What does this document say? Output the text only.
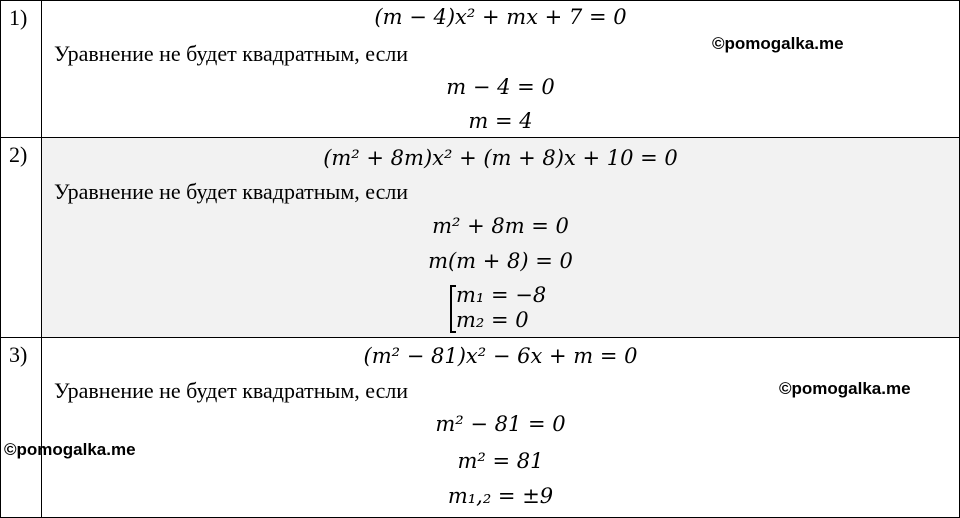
1)	(m − 4)x² + mx + 7 = 0
Уравнение не будет квадратным, если	©pomogalka.me
m − 4 = 0
m = 4
2)	(m² + 8m)x² + (m + 8)x + 10 = 0
Уравнение не будет квадратным, если
m² + 8m = 0
m(m + 8) = 0
m₁ = −8
m₂ = 0
3)	(m² − 81)x² − 6x + m = 0
Уравнение не будет квадратным, если	©pomogalka.me
m² − 81 = 0
m² = 81
m₁,₂ = ±9
©pomogalka.me
